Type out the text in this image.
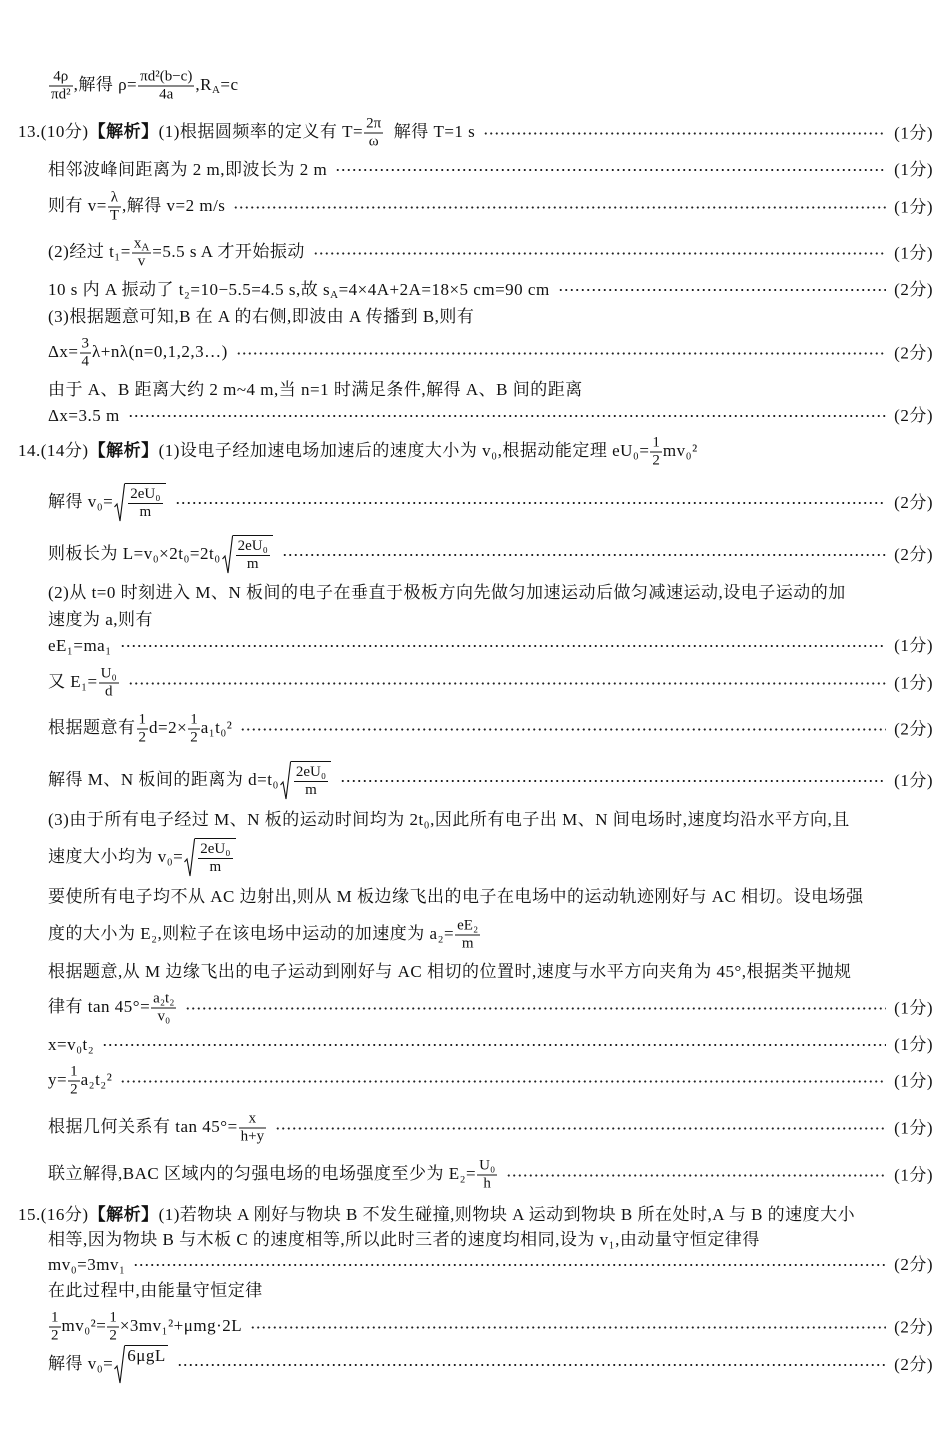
$\frac{4\rho}{\text{πd²}}$ ,解得 $\rho= \frac{\text{πd²(b−c)}}{4a} ,R_A=c$
13.(10分)【解析】(1)根据圆频率的定义有 $T= \frac{2\pi}{\omega}$ 解得 T=1 s	(1分)
相邻波峰间距离为 2 m,即波长为 2 m	(1分)
则有 $v= \frac{\lambda}{T}$ ,解得 v=2 m/s	(1分)
(2)经过 $t_1= \frac{x_A}{v} =5.5$ s A 才开始振动	(1分)
10 s 内 A 振动了 t₂=10−5.5=4.5 s,故 $s_A=4\times 4A+2A=18\times 5$ cm=90 cm	(2分)
(3)根据题意可知,B 在 A 的右侧,即波由 A 传播到 B,则有
$\Delta x= \frac{3}{4}$ λ+nλ(n=0,1,2,3…)	(2分)
由于 A、B 距离大约 2 m~4 m,当 n=1 时满足条件,解得 A、B 间的距离
Δx=3.5 m	(2分)
14.(14分)【解析】(1)设电子经加速电场加速后的速度大小为 v₀,根据动能定理 $eU_0= \frac{1}{2} mv_0^2$
解得 $v_0= \frac{\text{2eU₀}}{m}$	(2分)
则板长为 $L=v_0\times 2t_0=2t_0 \frac{\text{2eU₀}}{m}$	(2分)
(2)从 t=0 时刻进入 M、N 板间的电子在垂直于极板方向先做匀加速运动后做匀减速运动,设电子运动的加
速度为 a,则有
eE₁=ma₁	(1分)
又 $E_1= \frac{\text{U₀}}{d}$	(1分)
根据题意有 $\frac{1}{2} d=2\times \frac{1}{2} a_1t_0^2$	(2分)
解得 M、N 板间的距离为 $d=t_0 \frac{\text{2eU₀}}{m}$	(1分)
(3)由于所有电子经过 M、N 板的运动时间均为 2t₀,因此所有电子出 M、N 间电场时,速度均沿水平方向,且
速度大小均为 $v_0= \frac{\text{2eU₀}}{m}$
要使所有电子均不从 AC 边射出,则从 M 板边缘飞出的电子在电场中的运动轨迹刚好与 AC 相切。设电场强
度的大小为 E₂,则粒子在该电场中运动的加速度为 $a_2= \frac{\text{eE₂}}{m}$
根据题意,从 M 边缘飞出的电子运动到刚好与 AC 相切的位置时,速度与水平方向夹角为 45°,根据类平抛规
律有 $\tan 45^\circ= \frac{\text{a₂t₂}}{\text{v₀}}$	(1分)
x=v₀t₂	(1分)
$y= \frac{1}{2} a_2t_2^2$	(1分)
根据几何关系有 $\tan 45^\circ= \frac{x}{h+y}$	(1分)
联立解得,BAC 区域内的匀强电场的电场强度至少为 $E_2= \frac{\text{U₀}}{h}$	(1分)
15.(16分)【解析】(1)若物块 A 刚好与物块 B 不发生碰撞,则物块 A 运动到物块 B 所在处时,A 与 B 的速度大小
相等,因为物块 B 与木板 C 的速度相等,所以此时三者的速度均相同,设为 v₁,由动量守恒定律得
mv₀=3mv₁	(2分)
在此过程中,由能量守恒定律
$\frac{1}{2} mv_0^2= \frac{1}{2} \times 3mv_1^2+\mu mg\cdot 2L$	(2分)
解得 v₀= 6μgL	(2分)
